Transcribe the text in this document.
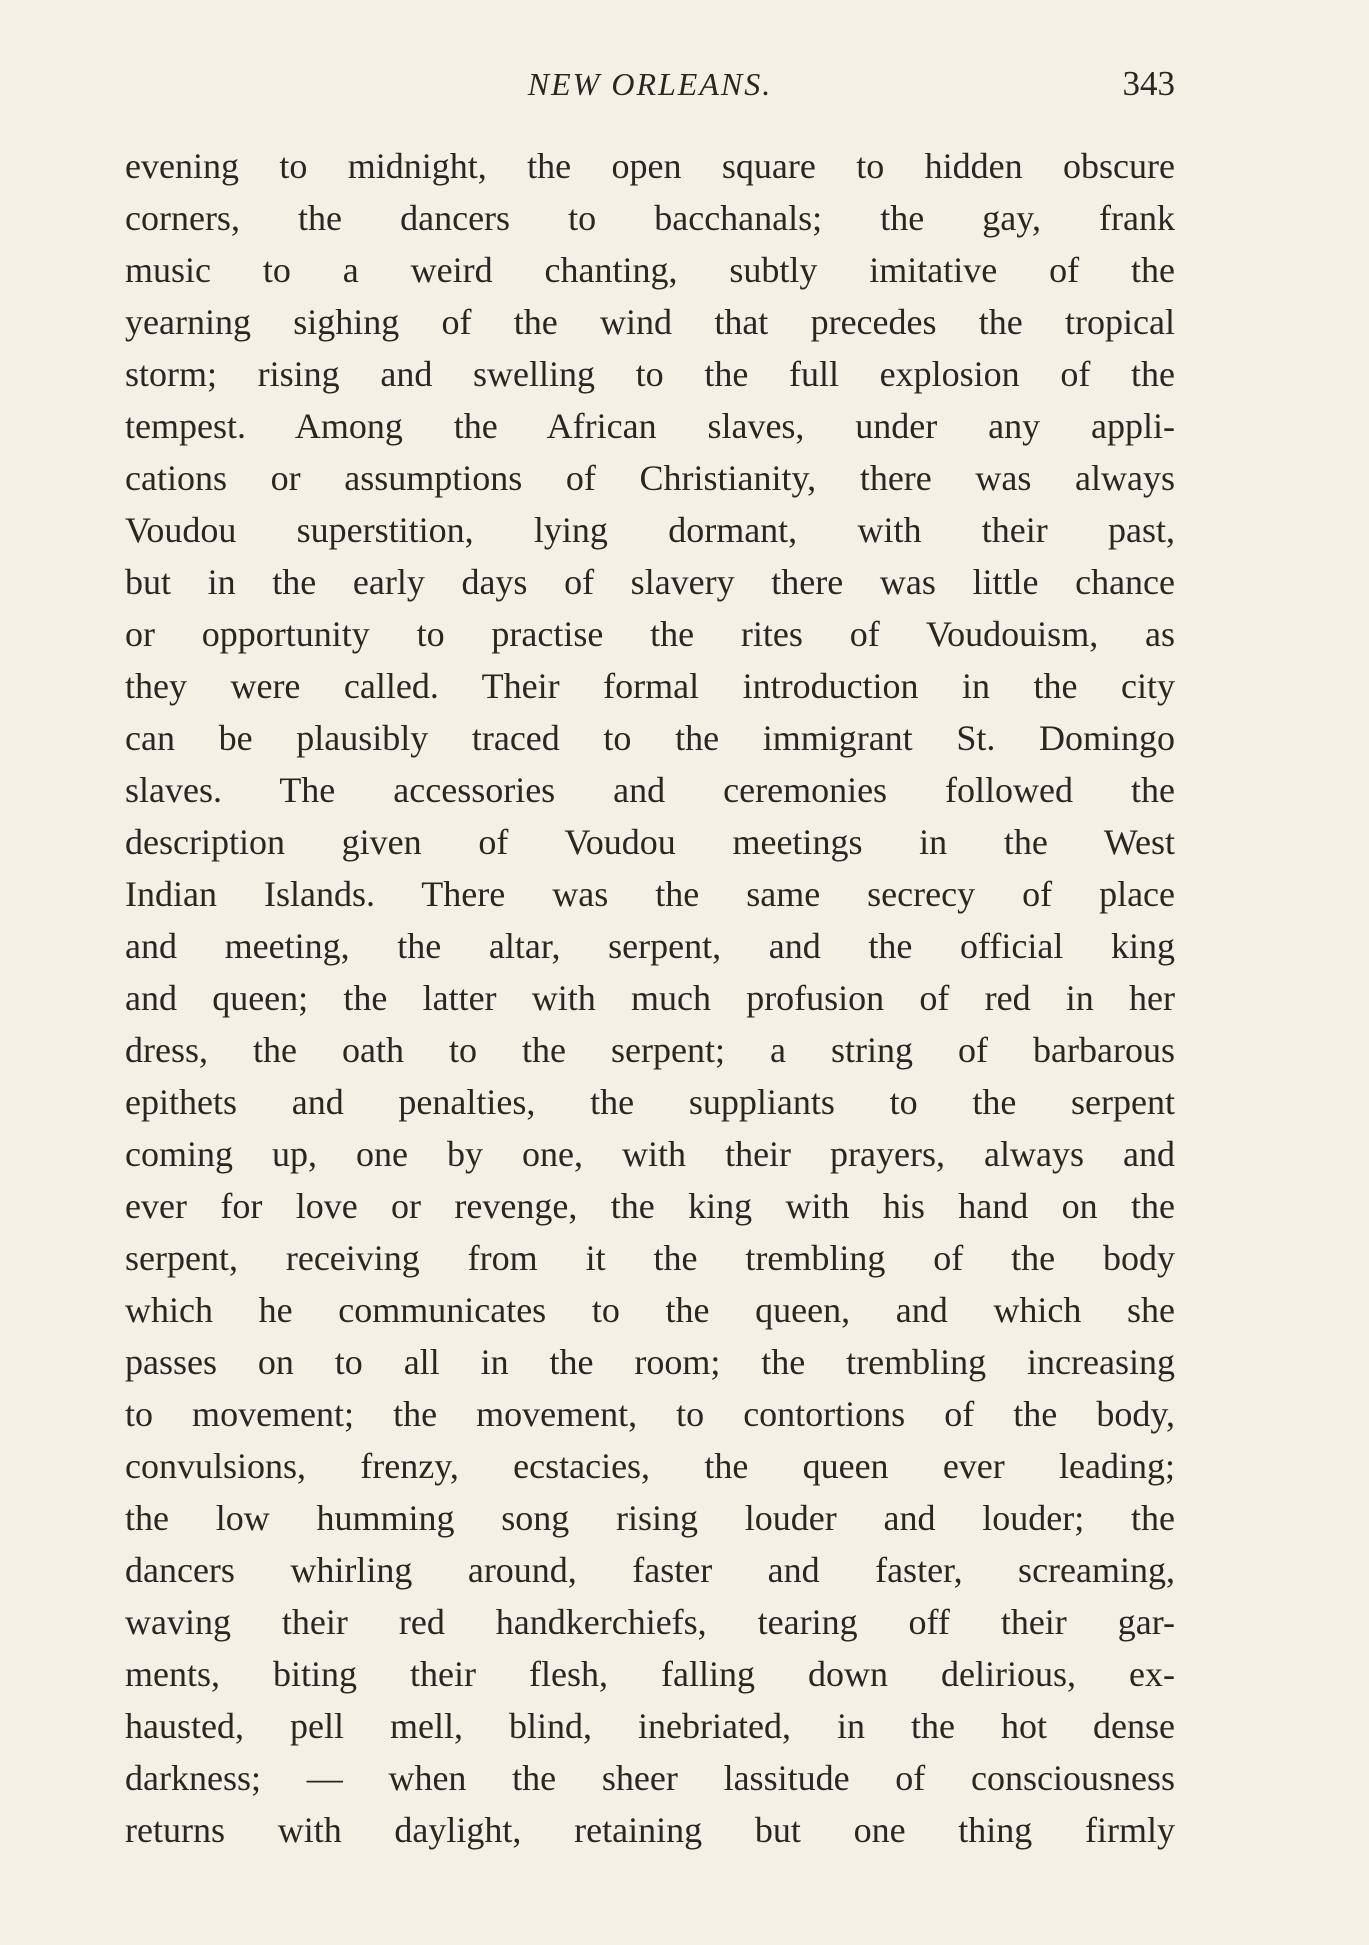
NEW ORLEANS.	343
evening to midnight, the open square to hidden obscure
corners, the dancers to bacchanals; the gay, frank
music to a weird chanting, subtly imitative of the
yearning sighing of the wind that precedes the tropical
storm; rising and swelling to the full explosion of the
tempest. Among the African slaves, under any appli-
cations or assumptions of Christianity, there was always
Voudou superstition, lying dormant, with their past,
but in the early days of slavery there was little chance
or opportunity to practise the rites of Voudouism, as
they were called. Their formal introduction in the city
can be plausibly traced to the immigrant St. Domingo
slaves. The accessories and ceremonies followed the
description given of Voudou meetings in the West
Indian Islands. There was the same secrecy of place
and meeting, the altar, serpent, and the official king
and queen; the latter with much profusion of red in her
dress, the oath to the serpent; a string of barbarous
epithets and penalties, the suppliants to the serpent
coming up, one by one, with their prayers, always and
ever for love or revenge, the king with his hand on the
serpent, receiving from it the trembling of the body
which he communicates to the queen, and which she
passes on to all in the room; the trembling increasing
to movement; the movement, to contortions of the body,
convulsions, frenzy, ecstacies, the queen ever leading;
the low humming song rising louder and louder; the
dancers whirling around, faster and faster, screaming,
waving their red handkerchiefs, tearing off their gar-
ments, biting their flesh, falling down delirious, ex-
hausted, pell mell, blind, inebriated, in the hot dense
darkness; — when the sheer lassitude of consciousness
returns with daylight, retaining but one thing firmly
